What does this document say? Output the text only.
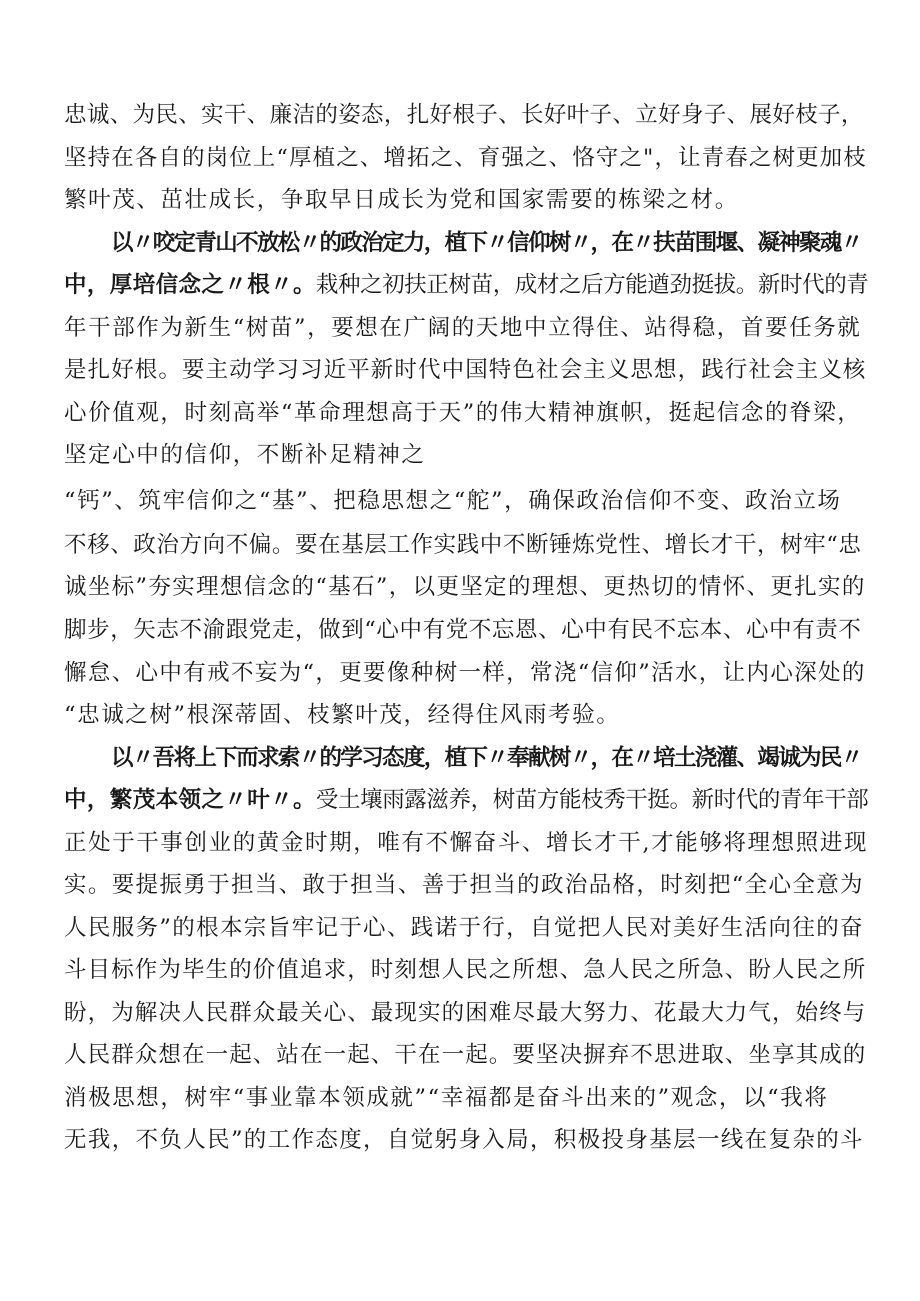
忠诚、为民、实干、廉洁的姿态，扎好根子、长好叶子、立好身子、展好枝子，
坚持在各自的岗位上“厚植之、增拓之、育强之、恪守之"，让青春之树更加枝
繁叶茂、茁壮成长，争取早日成长为党和国家需要的栋梁之材。
以〃咬定青山不放松〃的政治定力，植下〃信仰树〃，在〃扶苗围堰、凝神聚魂〃
中，厚培信念之〃根〃。栽种之初扶正树苗，成材之后方能遒劲挺拔。新时代的青
年干部作为新生“树苗”，要想在广阔的天地中立得住、站得稳，首要任务就
是扎好根。要主动学习习近平新时代中国特色社会主义思想，践行社会主义核
心价值观，时刻高举“革命理想高于天”的伟大精神旗帜，挺起信念的脊梁，
坚定心中的信仰，不断补足精神之
“钙”、筑牢信仰之“基”、把稳思想之“舵”，确保政治信仰不变、政治立场
不移、政治方向不偏。要在基层工作实践中不断锤炼党性、增长才干，树牢“忠
诚坐标”夯实理想信念的“基石”，以更坚定的理想、更热切的情怀、更扎实的
脚步，矢志不渝跟党走，做到“心中有党不忘恩、心中有民不忘本、心中有责不
懈怠、心中有戒不妄为“，更要像种树一样，常浇“信仰”活水，让内心深处的
“忠诚之树”根深蒂固、枝繁叶茂，经得住风雨考验。
以〃吾将上下而求索〃的学习态度，植下〃奉献树〃，在〃培土浇灌、竭诚为民〃
中，繁茂本领之〃叶〃。受土壤雨露滋养，树苗方能枝秀干挺。新时代的青年干部
正处于干事创业的黄金时期，唯有不懈奋斗、增长才干,才能够将理想照进现
实。要提振勇于担当、敢于担当、善于担当的政治品格，时刻把“全心全意为
人民服务”的根本宗旨牢记于心、践诺于行，自觉把人民对美好生活向往的奋
斗目标作为毕生的价值追求，时刻想人民之所想、急人民之所急、盼人民之所
盼，为解决人民群众最关心、最现实的困难尽最大努力、花最大力气，始终与
人民群众想在一起、站在一起、干在一起。要坚决摒弃不思进取、坐享其成的
消极思想，树牢“事业靠本领成就”“幸福都是奋斗出来的”观念，以“我将
无我，不负人民”的工作态度，自觉躬身入局，积极投身基层一线在复杂的斗
